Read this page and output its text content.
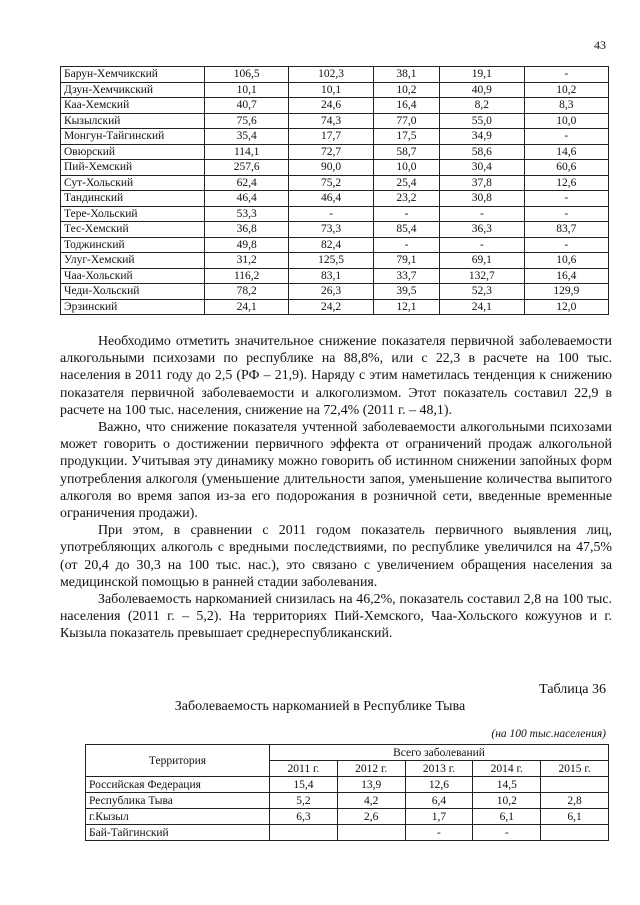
43
Барун-Хемчикский	106,5	102,3	38,1	19,1	-
Дзун-Хемчикский	10,1	10,1	10,2	40,9	10,2
Каа-Хемский	40,7	24,6	16,4	8,2	8,3
Кызылский	75,6	74,3	77,0	55,0	10,0
Монгун-Тайгинский	35,4	17,7	17,5	34,9	-
Овюрский	114,1	72,7	58,7	58,6	14,6
Пий-Хемский	257,6	90,0	10,0	30,4	60,6
Сут-Хольский	62,4	75,2	25,4	37,8	12,6
Тандинский	46,4	46,4	23,2	30,8	-
Тере-Хольский	53,3	-	-	-	-
Тес-Хемский	36,8	73,3	85,4	36,3	83,7
Тоджинский	49,8	82,4	-	-	-
Улуг-Хемский	31,2	125,5	79,1	69,1	10,6
Чаа-Хольский	116,2	83,1	33,7	132,7	16,4
Чеди-Хольский	78,2	26,3	39,5	52,3	129,9
Эрзинский	24,1	24,2	12,1	24,1	12,0

Необходимо отметить значительное снижение показателя первичной заболеваемости алкогольными психозами по республике на 88,8%, или с 22,3 в расчете на 100 тыс. населения в 2011 году до 2,5 (РФ – 21,9). Наряду с этим наметилась тенденция к снижению показателя первичной заболеваемости и алкоголизмом. Этот показатель составил 22,9 в расчете на 100 тыс. населения, снижение на 72,4% (2011 г. – 48,1).

Важно, что снижение показателя учтенной заболеваемости алкогольными психозами может говорить о достижении первичного эффекта от ограничений продаж алкогольной продукции. Учитывая эту динамику можно говорить об истинном снижении запойных форм употребления алкоголя (уменьшение длительности запоя, уменьшение количества выпитого алкоголя во время запоя из-за его подорожания в розничной сети, введенные временные ограничения продажи).

При этом, в сравнении с 2011 годом показатель первичного выявления лиц, употребляющих алкоголь с вредными последствиями, по республике увеличился на 47,5% (от 20,4 до 30,3 на 100 тыс. нас.), это связано с увеличением обращения населения за медицинской помощью в ранней стадии заболевания.

Заболеваемость наркоманией снизилась на 46,2%, показатель составил 2,8 на 100 тыс. населения (2011 г. – 5,2). На территориях Пий-Хемского, Чаа-Хольского кожуунов и г. Кызыла показатель превышает среднереспубликанский.

Таблица 36
Заболеваемость наркоманией в Республике Тыва
(на 100 тыс.населения)
Территория	Всего заболеваний				
	2011 г.	2012 г.	2013 г.	2014 г.	2015 г.
Российская Федерация	15,4	13,9	12,6	14,5	
Республика Тыва	5,2	4,2	6,4	10,2	2,8
г.Кызыл	6,3	2,6	1,7	6,1	6,1
Бай-Тайгинский			-	-	
